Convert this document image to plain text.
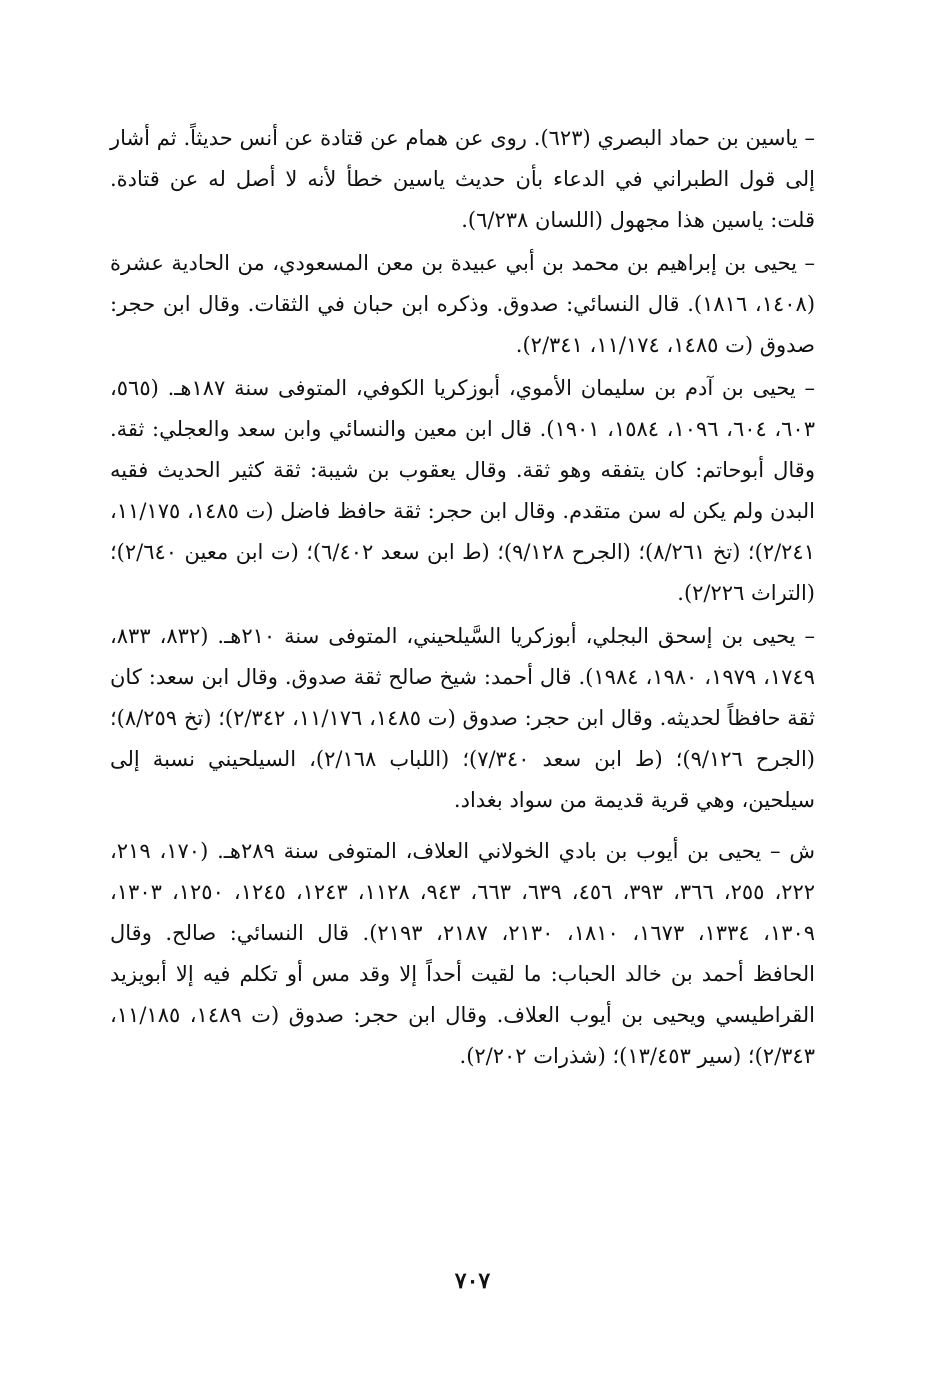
– ياسين بن حماد البصري (٦٢٣). روى عن همام عن قتادة عن أنس حديثاً. ثم أشار إلى قول الطبراني في الدعاء بأن حديث ياسين خطأ لأنه لا أصل له عن قتادة. قلت: ياسين هذا مجهول (اللسان ٦/٢٣٨).

– يحيى بن إبراهيم بن محمد بن أبي عبيدة بن معن المسعودي، من الحادية عشرة (١٤٠٨، ١٨١٦). قال النسائي: صدوق. وذكره ابن حبان في الثقات. وقال ابن حجر: صدوق (ت ١٤٨٥، ١١/١٧٤، ٢/٣٤١).

– يحيى بن آدم بن سليمان الأموي، أبوزكريا الكوفي، المتوفى سنة ١٨٧هـ. (٥٦٥، ٦٠٣، ٦٠٤، ١٠٩٦، ١٥٨٤، ١٩٠١). قال ابن معين والنسائي وابن سعد والعجلي: ثقة. وقال أبوحاتم: كان يتفقه وهو ثقة. وقال يعقوب بن شيبة: ثقة كثير الحديث فقيه البدن ولم يكن له سن متقدم. وقال ابن حجر: ثقة حافظ فاضل (ت ١٤٨٥، ١١/١٧٥، ٢/٢٤١)؛ (تخ ٨/٢٦١)؛ (الجرح ٩/١٢٨)؛ (ط ابن سعد ٦/٤٠٢)؛ (ت ابن معين ٢/٦٤٠)؛ (التراث ٢/٢٢٦).

– يحيى بن إسحق البجلي، أبوزكريا السَّيلحيني، المتوفى سنة ٢١٠هـ. (٨٣٢، ٨٣٣، ١٧٤٩، ١٩٧٩، ١٩٨٠، ١٩٨٤). قال أحمد: شيخ صالح ثقة صدوق. وقال ابن سعد: كان ثقة حافظاً لحديثه. وقال ابن حجر: صدوق (ت ١٤٨٥، ١١/١٧٦، ٢/٣٤٢)؛ (تخ ٨/٢٥٩)؛ (الجرح ٩/١٢٦)؛ (ط ابن سعد ٧/٣٤٠)؛ (اللباب ٢/١٦٨)، السيلحيني نسبة إلى سيلحين، وهي قرية قديمة من سواد بغداد.

ش – يحيى بن أيوب بن بادي الخولاني العلاف، المتوفى سنة ٢٨٩هـ. (١٧٠، ٢١٩، ٢٢٢، ٢٥٥، ٣٦٦، ٣٩٣، ٤٥٦، ٦٣٩، ٦٦٣، ٩٤٣، ١١٢٨، ١٢٤٣، ١٢٤٥، ١٢٥٠، ١٣٠٣، ١٣٠٩، ١٣٣٤، ١٦٧٣، ١٨١٠، ٢١٣٠، ٢١٨٧، ٢١٩٣). قال النسائي: صالح. وقال الحافظ أحمد بن خالد الحباب: ما لقيت أحداً إلا وقد مس أو تكلم فيه إلا أبويزيد القراطيسي ويحيى بن أيوب العلاف. وقال ابن حجر: صدوق (ت ١٤٨٩، ١١/١٨٥، ٢/٣٤٣)؛ (سير ١٣/٤٥٣)؛ (شذرات ٢/٢٠٢).

٧٠٧
